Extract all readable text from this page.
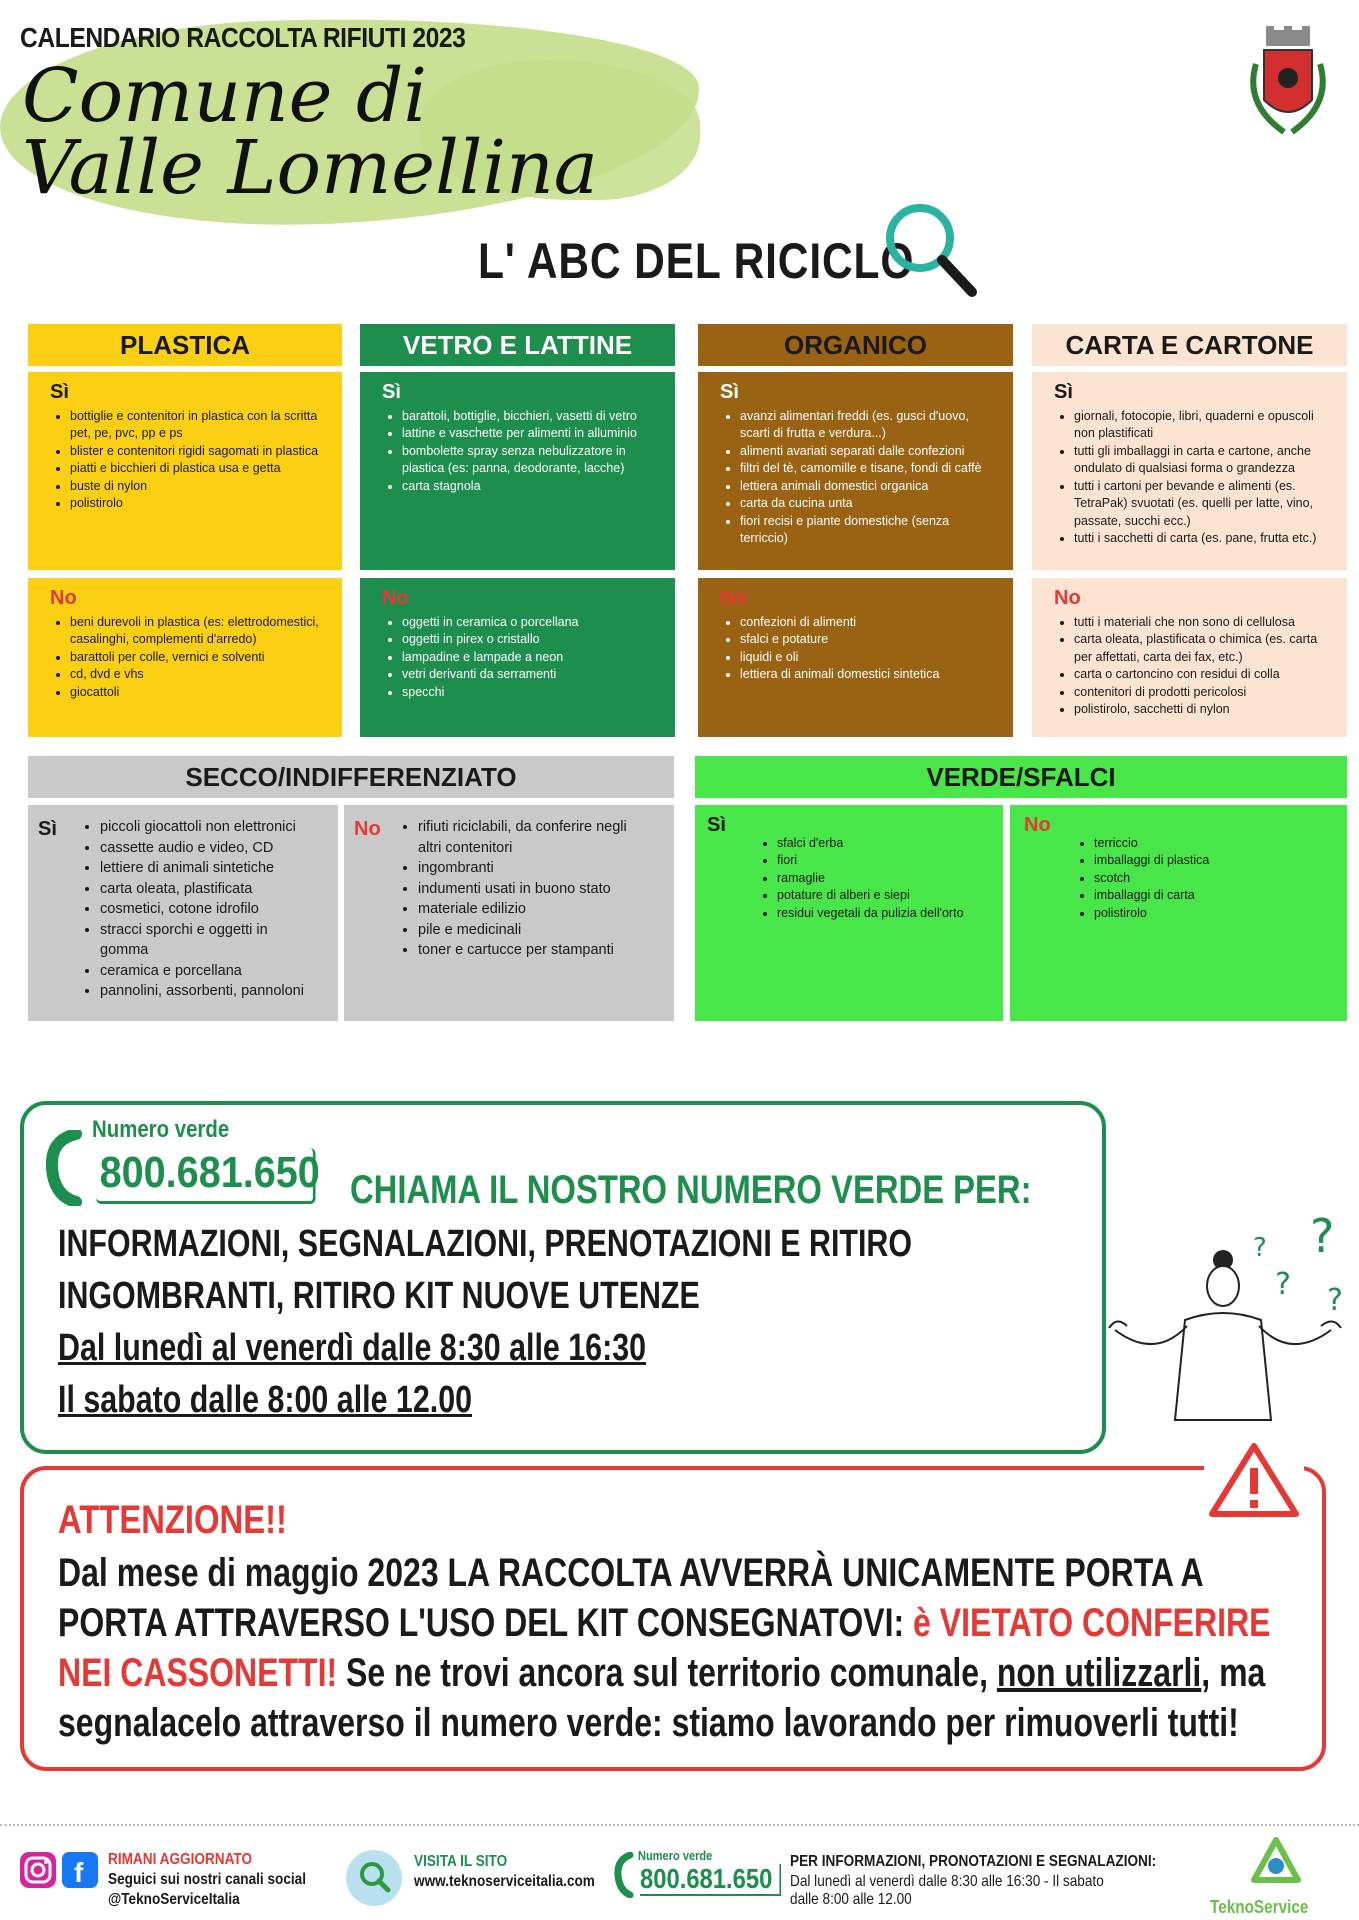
CALENDARIO RACCOLTA RIFIUTI 2023
Comune di
Valle Lomellina
L' ABC DEL RICICLO
PLASTICA	VETRO E LATTINE	ORGANICO	CARTA E CARTONE
Sì
• bottiglie e contenitori in plastica con la scritta pet, pe, pvc, pp e ps
• blister e contenitori rigidi sagomati in plastica
• piatti e bicchieri di plastica usa e getta
• buste di nylon
• polistirolo
Sì
• barattoli, bottiglie, bicchieri, vasetti di vetro
• lattine e vaschette per alimenti in alluminio
• bombolette spray senza nebulizzatore in plastica (es: panna, deodorante, lacche)
• carta stagnola
Sì
• avanzi alimentari freddi (es. gusci d'uovo, scarti di frutta e verdura...)
• alimenti avariati separati dalle confezioni
• filtri del tè, camomille e tisane, fondi di caffè
• lettiera animali domestici organica
• carta da cucina unta
• fiori recisi e piante domestiche (senza terriccio)
Sì
• giornali, fotocopie, libri, quaderni e opuscoli non plastificati
• tutti gli imballaggi in carta e cartone, anche ondulato di qualsiasi forma o grandezza
• tutti i cartoni per bevande e alimenti (es. TetraPak) svuotati (es. quelli per latte, vino, passate, succhi ecc.)
• tutti i sacchetti di carta (es. pane, frutta etc.)
No
• beni durevoli in plastica (es: elettrodomestici, casalinghi, complementi d'arredo)
• barattoli per colle, vernici e solventi
• cd, dvd e vhs
• giocattoli
No
• oggetti in ceramica o porcellana
• oggetti in pirex o cristallo
• lampadine e lampade a neon
• vetri derivanti da serramenti
• specchi
No
• confezioni di alimenti
• sfalci e potature
• liquidi e oli
• lettiera di animali domestici sintetica
No
• tutti i materiali che non sono di cellulosa
• carta oleata, plastificata o chimica (es. carta per affettati, carta dei fax, etc.)
• carta o cartoncino con residui di colla
• contenitori di prodotti pericolosi
• polistirolo, sacchetti di nylon
SECCO/INDIFFERENZIATO	VERDE/SFALCI
Sì	• piccoli giocattoli non elettronici
• cassette audio e video, CD
• lettiere di animali sintetiche
• carta oleata, plastificata
• cosmetici, cotone idrofilo
• stracci sporchi e oggetti in gomma
• ceramica e porcellana
• pannolini, assorbenti, pannoloni
No	• rifiuti riciclabili, da conferire negli altri contenitori
• ingombranti
• indumenti usati in buono stato
• materiale edilizio
• pile e medicinali
• toner e cartucce per stampanti
Sì
• sfalci d'erba
• fiori
• ramaglie
• potature di alberi e siepi
• residui vegetali da pulizia dell'orto
No
• terriccio
• imballaggi di plastica
• scotch
• imballaggi di carta
• polistirolo
Numero verde
800.681.650 CHIAMA IL NOSTRO NUMERO VERDE PER:
INFORMAZIONI, SEGNALAZIONI, PRENOTAZIONI E RITIRO
INGOMBRANTI, RITIRO KIT NUOVE UTENZE
Dal lunedì al venerdì dalle 8:30 alle 16:30
Il sabato dalle 8:00 alle 12.00
? ?
? ?
ATTENZIONE!!
Dal mese di maggio 2023 LA RACCOLTA AVVERRÀ UNICAMENTE PORTA A PORTA ATTRAVERSO L'USO DEL KIT CONSEGNATOVI: è VIETATO CONFERIRE NEI CASSONETTI! Se ne trovi ancora sul territorio comunale, non utilizzarli, ma segnalacelo attraverso il numero verde: stiamo lavorando per rimuoverli tutti!
f RIMANI AGGIORNATO
Seguici sui nostri canali social
@TeknoServiceItalia
VISITA IL SITO
www.teknoserviceitalia.com
Numero verde
800.681.650
PER INFORMAZIONI, PRONOTAZIONI E SEGNALAZIONI:
Dal lunedì al venerdì dalle 8:30 alle 16:30 - Il sabato
dalle 8:00 alle 12.00	TeknoService
